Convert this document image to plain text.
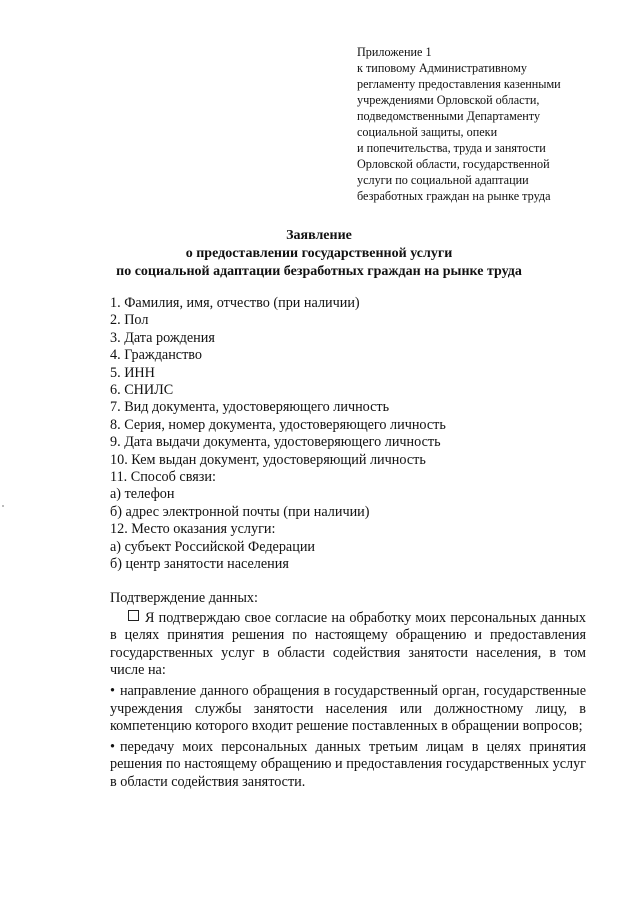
Приложение 1
к типовому Административному
регламенту предоставления казенными
учреждениями Орловской области,
подведомственными Департаменту
социальной защиты, опеки
и попечительства, труда и занятости
Орловской области, государственной
услуги по социальной адаптации
безработных граждан на рынке труда
Заявление
о предоставлении государственной услуги
по социальной адаптации безработных граждан на рынке труда
1. Фамилия, имя, отчество (при наличии)
2. Пол
3. Дата рождения
4. Гражданство
5. ИНН
6. СНИЛС
7. Вид документа, удостоверяющего личность
8. Серия, номер документа, удостоверяющего личность
9. Дата выдачи документа, удостоверяющего личность
10. Кем выдан документ, удостоверяющий личность
11. Способ связи:
а) телефон
б) адрес электронной почты (при наличии)
12. Место оказания услуги:
а) субъект Российской Федерации
б) центр занятости населения
Подтверждение данных:

Я подтверждаю свое согласие на обработку моих персональных данных в целях принятия решения по настоящему обращению и предоставления государственных услуг в области содействия занятости населения, в том числе на:

• направление данного обращения в государственный орган, государственные учреждения службы занятости населения или должностному лицу, в компетенцию которого входит решение поставленных в обращении вопросов;

• передачу моих персональных данных третьим лицам в целях принятия решения по настоящему обращению и предоставления государственных услуг в области содействия занятости.
